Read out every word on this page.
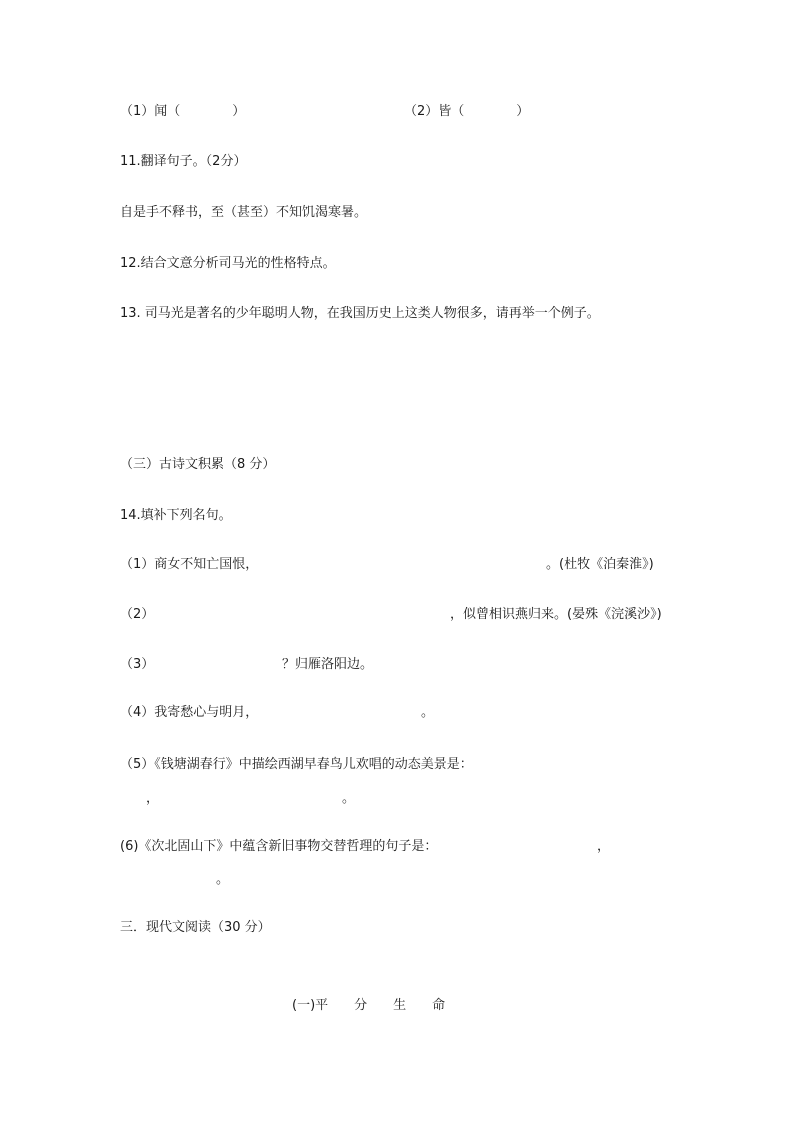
（1）闻（　　　　）	（2）皆（　　　　）
11.翻译句子。（2分）
自是手不释书，至（甚至）不知饥渴寒暑。
12.结合文意分析司马光的性格特点。
13. 司马光是著名的少年聪明人物，在我国历史上这类人物很多，请再举一个例子。
（三）古诗文积累（8 分）
14.填补下列名句。
（1）商女不知亡国恨，	。(杜牧《泊秦淮》)
（2）	，似曾相识燕归来。(晏殊《浣溪沙》)
（3）	？归雁洛阳边。
（4）我寄愁心与明月，	。
（5）《钱塘湖春行》中描绘西湖早春鸟儿欢唱的动态美景是：
，	。
(6)《次北固山下》中蕴含新旧事物交替哲理的句子是：	，
。
三．现代文阅读（30 分）
(一)平　　分　　生　　命
